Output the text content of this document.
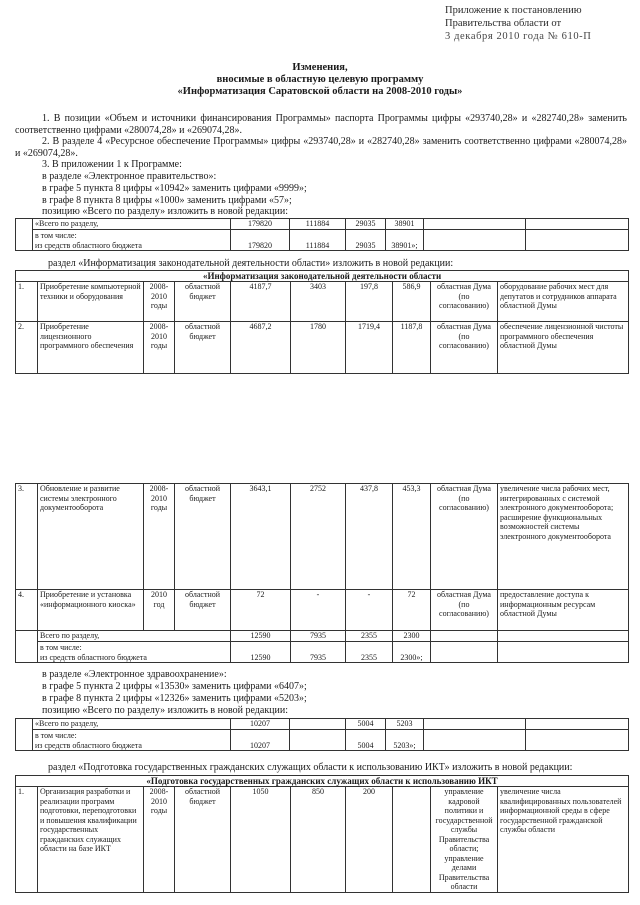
Приложение к постановлению
Правительства области от
3 декабря 2010 года № 610-П
Изменения,
вносимые в областную целевую программу
«Информатизация Саратовской области на 2008-2010 годы»
1. В позиции «Объем и источники финансирования Программы» паспорта Программы цифры «293740,28» и «282740,28» заменить соответственно цифрами «280074,28» и «269074,28».
2. В разделе 4 «Ресурсное обеспечение Программы» цифры «293740,28» и «282740,28» заменить соответственно цифрами «280074,28» и «269074,28».
3. В приложении 1 к Программе:
в разделе «Электронное правительство»:
в графе 5 пункта 8 цифры «10942» заменить цифрами «9999»;
в графе 8 пункта 8 цифры «1000» заменить цифрами «57»;
позицию «Всего по разделу» изложить в новой редакции:
	«Всего по разделу,	179820	111884	29035	38901		

	в том числе:
из средств областного бюджета	179820	111884	29035	38901»;		
раздел «Информатизация законодательной деятельности области» изложить в новой редакции:
«Информатизация законодательной деятельности области									
1.	Приобретение компьютерной техники и оборудования	2008-2010 годы	областной бюджет	4187,7	3403	197,8	586,9	областная Дума (по согласованию)	оборудование рабочих мест для депутатов и сотрудников аппарата областной Думы
2.	Приобретение лицензионного программного обеспечения	2008-2010 годы	областной бюджет	4687,2	1780	1719,4	1187,8	областная Дума (по согласованию)	обеспечение лицензионной чистоты программного обеспечения областной Думы
3.	Обновление и развитие системы электронного документооборота	2008-2010 годы	областной бюджет	3643,1	2752	437,8	453,3	областная Дума (по согласованию)	увеличение числа рабочих мест, интегрированных с системой электронного документооборота; расширение функциональных возможностей системы электронного документооборота
4.	Приобретение и установка «информационного киоска»	2010 год	областной бюджет	72	-	-	72	областная Дума (по согласованию)	предоставление доступа к информационным ресурсам областной Думы
	Всего по разделу,			12590	7935	2355	2300		

	в том числе:
из средств областного бюджета			12590	7935	2355	2300»;		
в разделе «Электронное здравоохранение»:
в графе 5 пункта 2 цифры «13530» заменить цифрами «6407»;
в графе 8 пункта 2 цифры «12326» заменить цифрами «5203»;
позицию «Всего по разделу» изложить в новой редакции:
	«Всего по разделу,	10207		5004	5203		

	в том числе:
из средств областного бюджета	10207		5004	5203»;		
раздел «Подготовка государственных гражданских служащих области к использованию ИКТ» изложить в новой редакции:
«Подготовка государственных гражданских служащих области к использованию ИКТ
1.	Организация разработки и реализации программ подготовки, переподготовки и повышения квалификации государственных гражданских служащих области на базе ИКТ	2008-2010 годы	областной бюджет	1050	850	200		управление кадровой политики и государственной службы Правительства области; управление делами Правительства области	увеличение числа квалифицированных пользователей информационной среды в сфере государственной гражданской службы области
